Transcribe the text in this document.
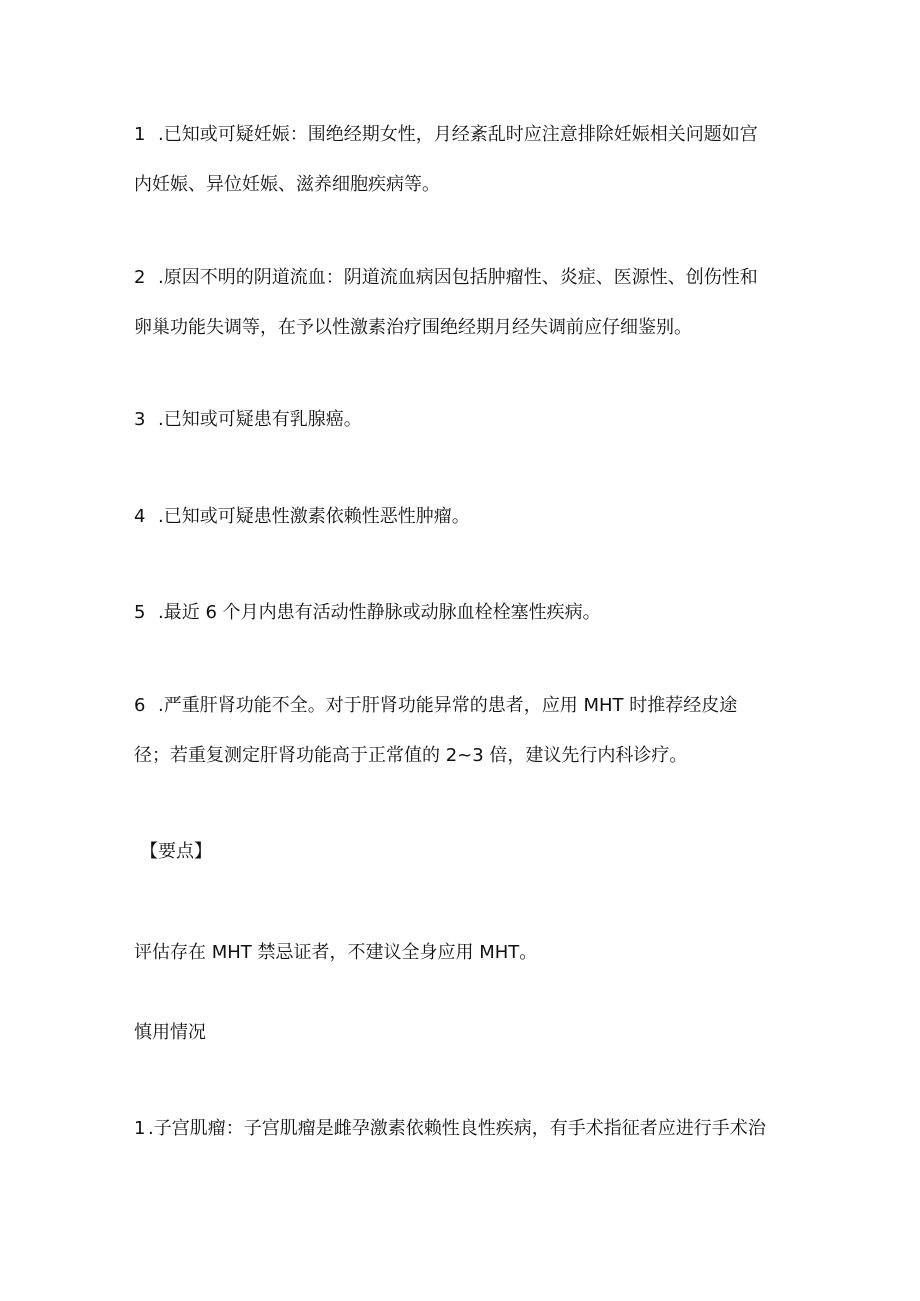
1 .已知或可疑妊娠：围绝经期女性，月经紊乱时应注意排除妊娠相关问题如宫
内妊娠、异位妊娠、滋养细胞疾病等。
2 .原因不明的阴道流血：阴道流血病因包括肿瘤性、炎症、医源性、创伤性和
卵巢功能失调等，在予以性激素治疗围绝经期月经失调前应仔细鉴别。
3 .已知或可疑患有乳腺癌。
4 .已知或可疑患性激素依赖性恶性肿瘤。
5 .最近 6 个月内患有活动性静脉或动脉血栓栓塞性疾病。
6 .严重肝肾功能不全。对于肝肾功能异常的患者，应用 MHT 时推荐经皮途
径；若重复测定肝肾功能高于正常值的 2~3 倍，建议先行内科诊疗。
【要点】
评估存在 MHT 禁忌证者，不建议全身应用 MHT。
慎用情况
1 .子宫肌瘤：子宫肌瘤是雌孕激素依赖性良性疾病，有手术指征者应进行手术治
